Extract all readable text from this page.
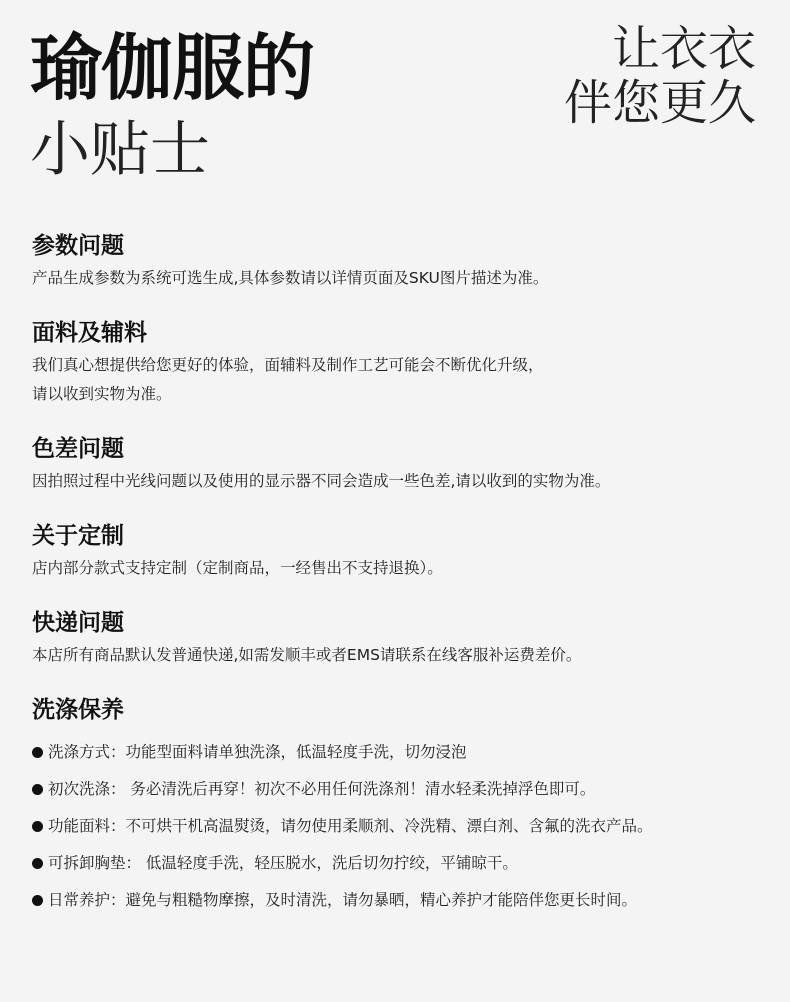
瑜伽服的
小贴士
让衣衣
伴您更久
参数问题
产品生成参数为系统可选生成,具体参数请以详情页面及SKU图片描述为准。
面料及辅料
我们真心想提供给您更好的体验，面辅料及制作工艺可能会不断优化升级，
请以收到实物为准。
色差问题
因拍照过程中光线问题以及使用的显示器不同会造成一些色差,请以收到的实物为准。
关于定制
店内部分款式支持定制（定制商品，一经售出不支持退换）。
快递问题
本店所有商品默认发普通快递,如需发顺丰或者EMS请联系在线客服补运费差价。
洗涤保养
洗涤方式：功能型面料请单独洗涤，低温轻度手洗，切勿浸泡
初次洗涤： 务必清洗后再穿！初次不必用任何洗涤剂！清水轻柔洗掉浮色即可。
功能面料：不可烘干机高温熨烫，请勿使用柔顺剂、冷洗精、漂白剂、含氟的洗衣产品。
可拆卸胸垫： 低温轻度手洗，轻压脱水，洗后切勿拧绞，平铺晾干。
日常养护：避免与粗糙物摩擦，及时清洗，请勿暴晒，精心养护才能陪伴您更长时间。
